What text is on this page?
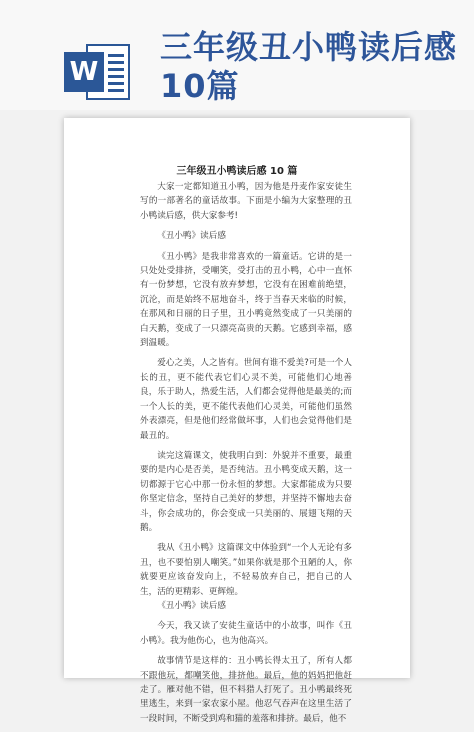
W
三年级丑小鸭读后感10篇
三年级丑小鸭读后感 10 篇

大家一定都知道丑小鸭，因为他是丹麦作家安徒生写的一部著名的童话故事。下面是小编为大家整理的丑小鸭读后感，供大家参考!

《丑小鸭》读后感

《丑小鸭》是我非常喜欢的一篇童话。它讲的是一只处处受排挤，受嘲笑，受打击的丑小鸭，心中一直怀有一份梦想，它没有放弃梦想，它没有在困难前绝望，沉沦，而是始终不屈地奋斗，终于当春天来临的时候，在那风和日丽的日子里，丑小鸭竟然变成了一只美丽的白天鹅，变成了一只漂亮高贵的天鹅。它感到幸福，感到温暖。

爱心之美，人之皆有。世间有谁不爱美?可是一个人长的丑，更不能代表它们心灵不美，可能他们心地善良，乐于助人，热爱生活，人们都会觉得他是最美的;而一个人长的美，更不能代表他们心灵美，可能他们虽然外表漂亮，但是他们经常做坏事，人们也会觉得他们是最丑的。

读完这篇课文，使我明白到：外貌并不重要，最重要的是内心是否美，是否纯洁。丑小鸭变成天鹅，这一切都源于它心中那一份永恒的梦想。大家都能成为只要你坚定信念，坚持自己美好的梦想，并坚持不懈地去奋斗，你会成功的，你会变成一只美丽的、展翅飞翔的天鹅。

我从《丑小鸭》这篇课文中体验到“一个人无论有多丑，也不要怕别人嘲笑。”如果你就是那个丑陋的人，你就要更应该奋发向上，不轻易放弃自己，把自己的人生，活的更精彩、更辉煌。

《丑小鸭》读后感

今天，我又读了安徒生童话中的小故事，叫作《丑小鸭》。我为他伤心，也为他高兴。

故事情节是这样的：丑小鸭长得太丑了，所有人都不跟他玩，都嘲笑他，排挤他。最后，他的妈妈把他赶走了。雁对他不错，但不料猎人打死了。丑小鸭最终死里逃生，来到一家农家小屋。他忍气吞声在这里生活了一段时间，不断受到鸡和猫的羞落和排挤。最后，他不
